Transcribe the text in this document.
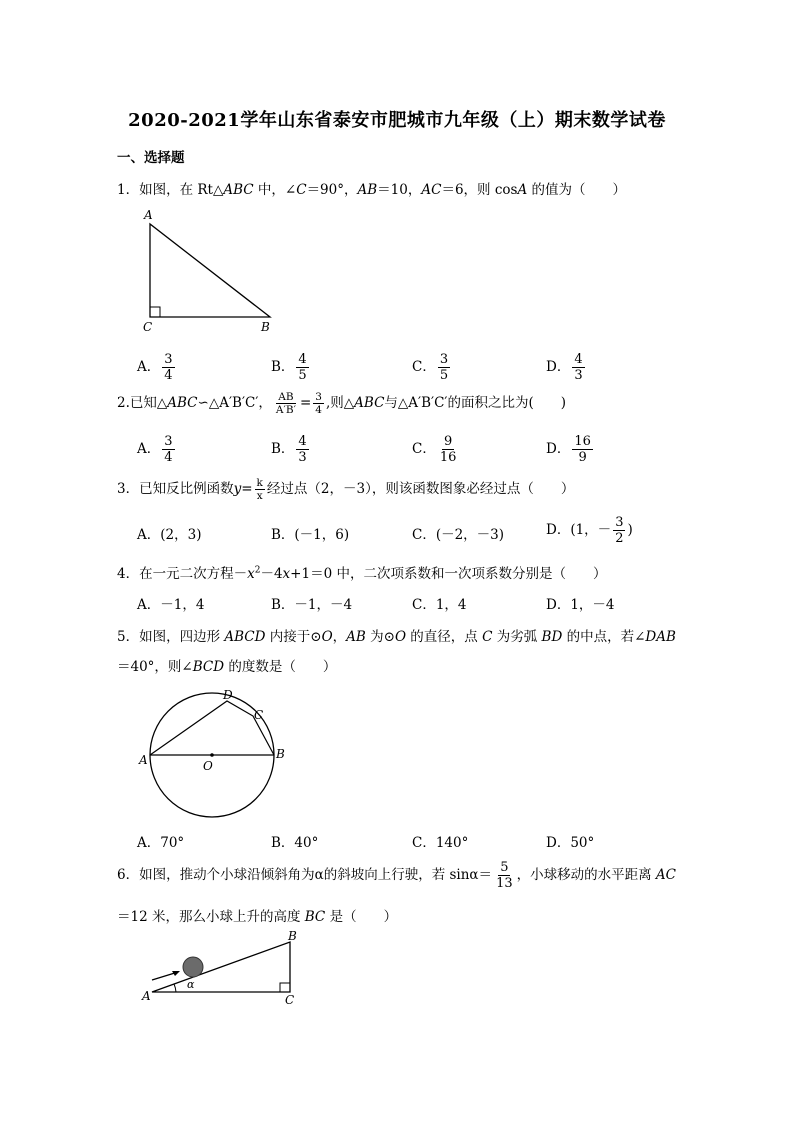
2020-2021学年山东省泰安市肥城市九年级（上）期末数学试卷
一、选择题
1．如图，在 Rt△ABC 中，∠C＝90°，AB＝10，AC＝6，则 cosA 的值为（　　）
A
C	B
A． $\frac{3}{4}$	B． $\frac{4}{5}$	C． $\frac{3}{5}$	D． $\frac{4}{3}$
2.已知△ABC∽△A′B′C′， $\frac{AB}{A'B'} = \frac{3}{4}$ ,则△ABC与△A′B′C′的面积之比为(　　)
A． $\frac{3}{4}$	B． $\frac{4}{3}$	C． $\frac{9}{16}$	D． $\frac{16}{9}$
3．已知反比例函数$y= \frac{k}{x}$ 经过点（2，－3），则该函数图象必经过点（　　）
A．(2，3)	B．(－1，6)	C．(－2，－3)	D．(1，－ $\frac{3}{2}$ )
4．在一元二次方程$-x^2-4x+1=0$ 中，二次项系数和一次项系数分别是（　　）
A．－1，4	B．－1，－4	C．1，4	D．1，－4
5．如图，四边形 ABCD 内接于⊙O，AB 为⊙O 的直径，点 C 为劣弧 BD 的中点，若∠DAB
＝40°，则∠BCD 的度数是（　　）
A	B
C
D
O
A．70°	B．40°	C．140°	D．50°
6．如图，推动个小球沿倾斜角为α的斜坡向上行驶，若 $\sin\alpha= \frac{5}{13}$ ，小球移动的水平距离 AC
＝12 米，那么小球上升的高度 BC 是（　　）
α
A	C
B
